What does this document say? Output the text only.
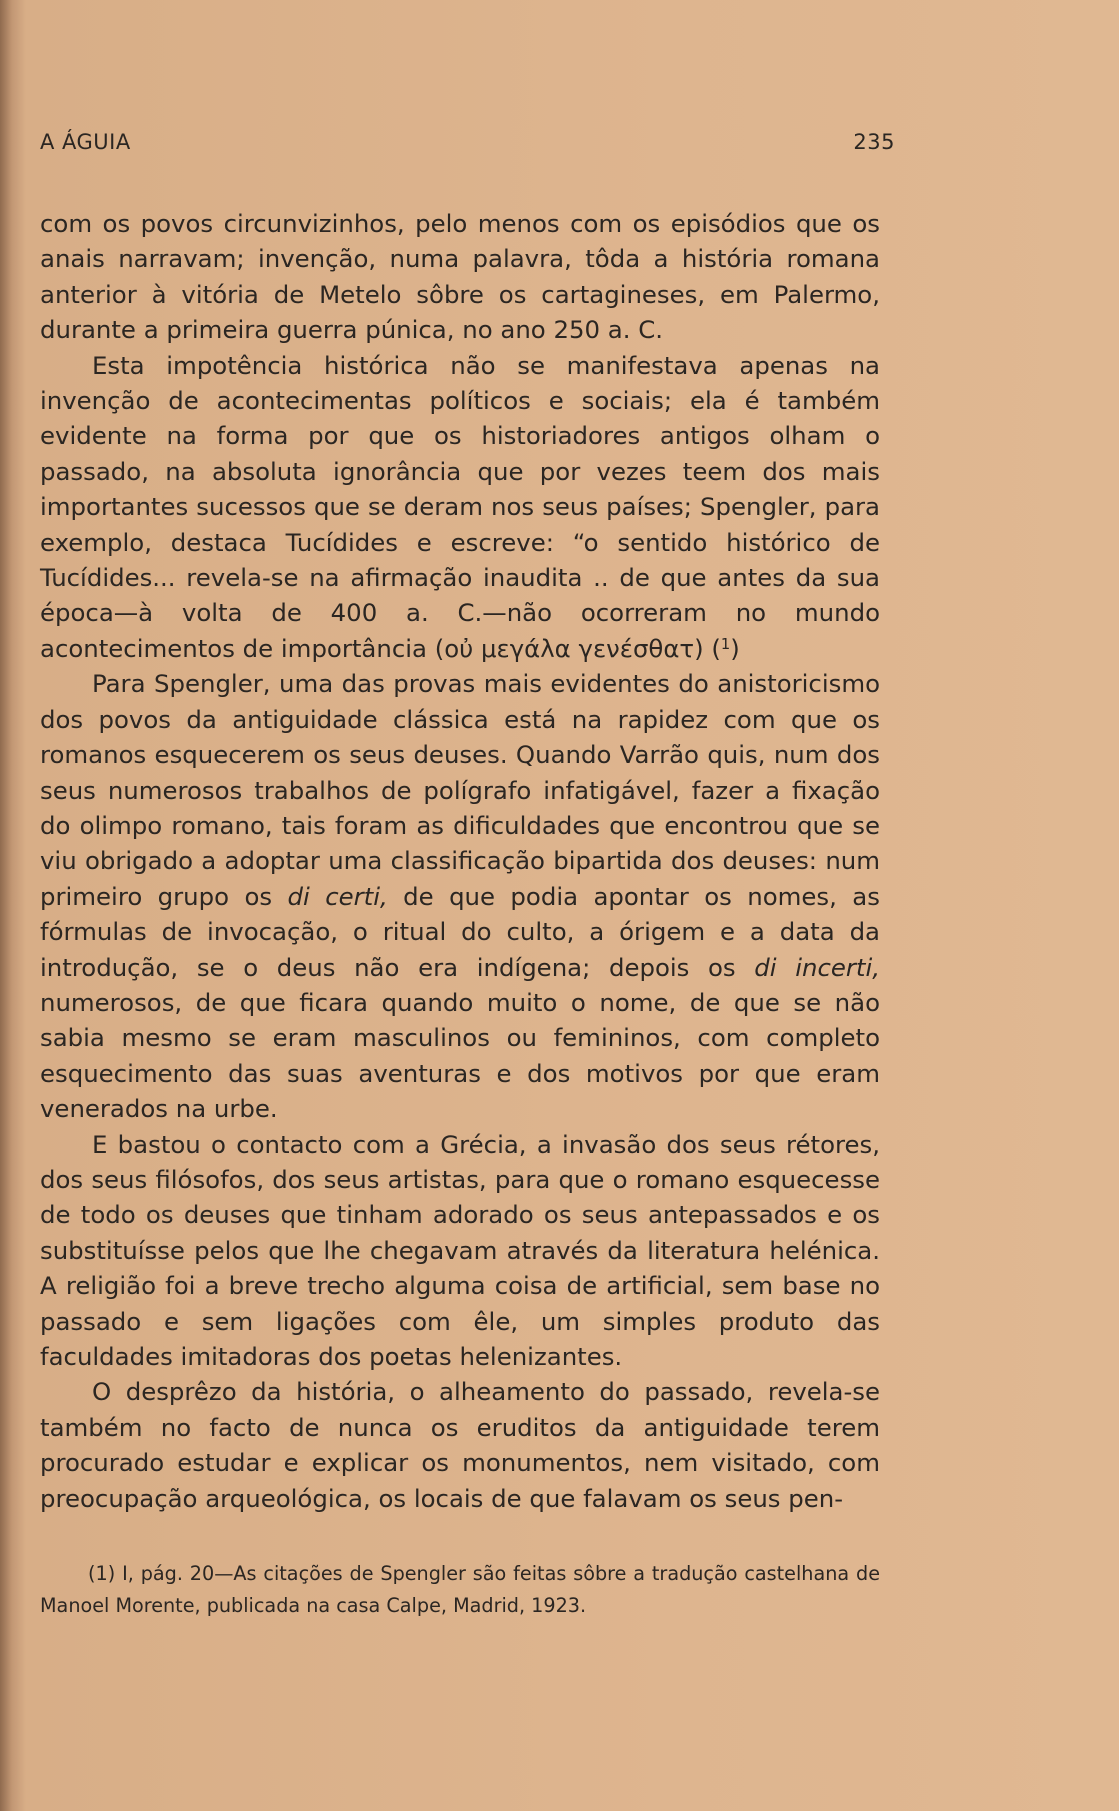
A ÁGUIA	235

com os povos circunvizinhos, pelo menos com os episódios que os anais narravam; invenção, numa palavra, tôda a história romana anterior à vitória de Metelo sôbre os cartagineses, em Palermo, durante a primeira guerra púnica, no ano 250 a. C.

Esta impotência histórica não se manifestava apenas na invenção de acontecimentas políticos e sociais; ela é também evidente na forma por que os historiadores antigos olham o passado, na absoluta ignorância que por vezes teem dos mais importantes sucessos que se deram nos seus países; Spengler, para exemplo, destaca Tucídides e escreve: “o sentido histórico de Tucídides... revela-se na afirmação inaudita .. de que antes da sua época—à volta de 400 a. C.—não ocorreram no mundo acontecimentos de importância (οὐ μεγάλα γενέσθατ) ($^1$)

Para Spengler, uma das provas mais evidentes do anistoricismo dos povos da antiguidade clássica está na rapidez com que os romanos esquecerem os seus deuses. Quando Varrão quis, num dos seus numerosos trabalhos de polígrafo infatigável, fazer a fixação do olimpo romano, tais foram as dificuldades que encontrou que se viu obrigado a adoptar uma classificação bipartida dos deuses: num primeiro grupo os di certi, de que podia apontar os nomes, as fórmulas de invocação, o ritual do culto, a órigem e a data da introdução, se o deus não era indígena; depois os di incerti, numerosos, de que ficara quando muito o nome, de que se não sabia mesmo se eram masculinos ou femininos, com completo esquecimento das suas aventuras e dos motivos por que eram venerados na urbe.

E bastou o contacto com a Grécia, a invasão dos seus rétores, dos seus filósofos, dos seus artistas, para que o romano esquecesse de todo os deuses que tinham adorado os seus antepassados e os substituísse pelos que lhe chegavam através da literatura helénica. A religião foi a breve trecho alguma coisa de artificial, sem base no passado e sem ligações com êle, um simples produto das faculdades imitadoras dos poetas helenizantes.

O desprêzo da história, o alheamento do passado, revela-se também no facto de nunca os eruditos da antiguidade terem procurado estudar e explicar os monumentos, nem visitado, com preocupação arqueológica, os locais de que falavam os seus pen-

(1) I, pág. 20—As citações de Spengler são feitas sôbre a tradução castelhana de Manoel Morente, publicada na casa Calpe, Madrid, 1923.
